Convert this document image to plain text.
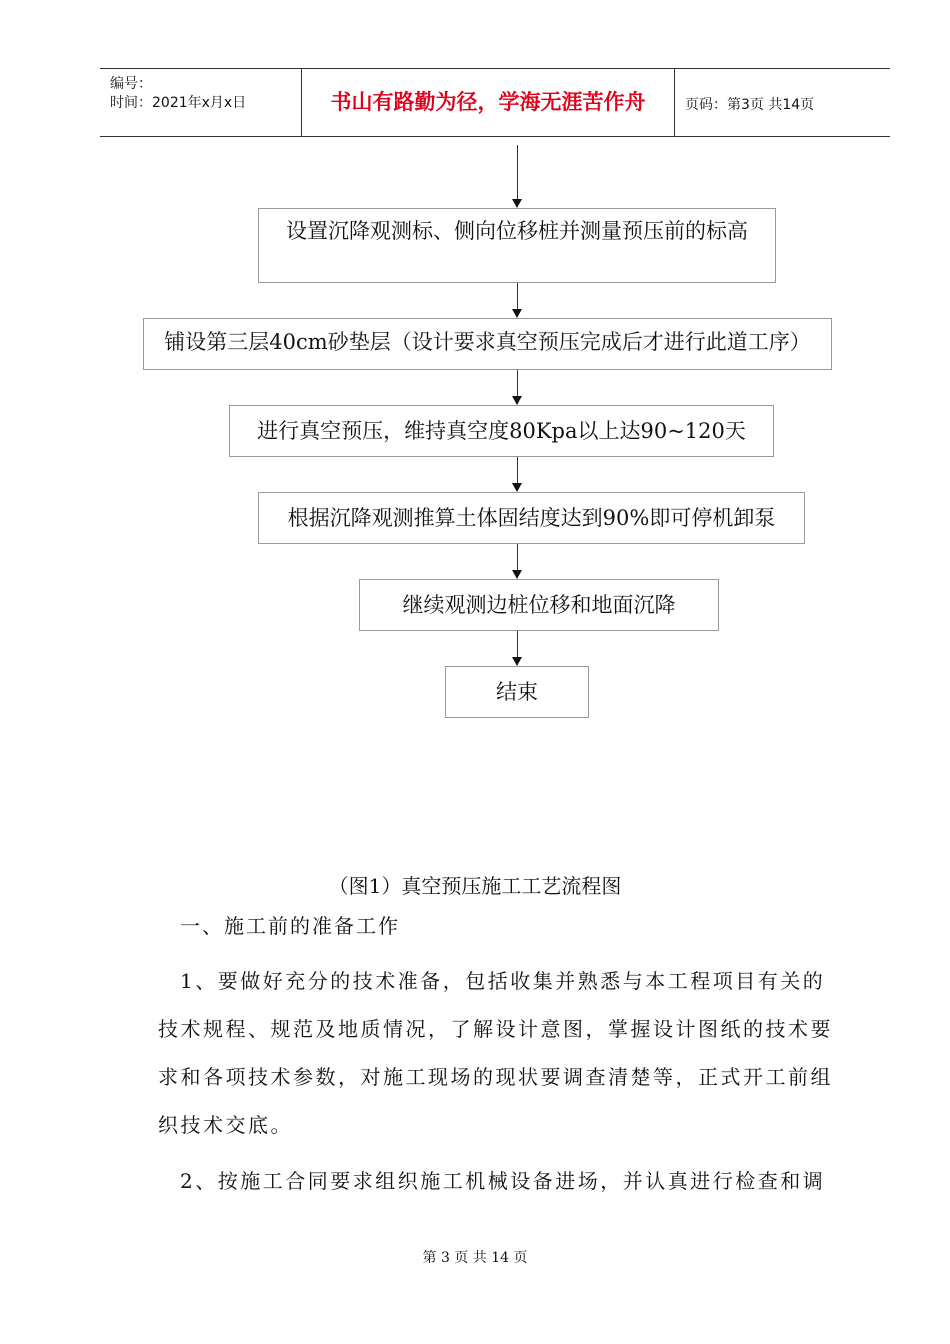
编号：
时间：2021年x月x日	书山有路勤为径，学海无涯苦作舟	页码：第3页 共14页
设置沉降观测标、侧向位移桩并测量预压前的标高
铺设第三层40cm砂垫层（设计要求真空预压完成后才进行此道工序）
进行真空预压，维持真空度80Kpa以上达90~120天
根据沉降观测推算土体固结度达到90%即可停机卸泵
继续观测边桩位移和地面沉降
结束
（图1）真空预压施工工艺流程图
一、施工前的准备工作
1、要做好充分的技术准备，包括收集并熟悉与本工程项目有关的技术规程、规范及地质情况，了解设计意图，掌握设计图纸的技术要求和各项技术参数，对施工现场的现状要调查清楚等，正式开工前组织技术交底。
2、按施工合同要求组织施工机械设备进场，并认真进行检查和调
第 3 页 共 14 页
